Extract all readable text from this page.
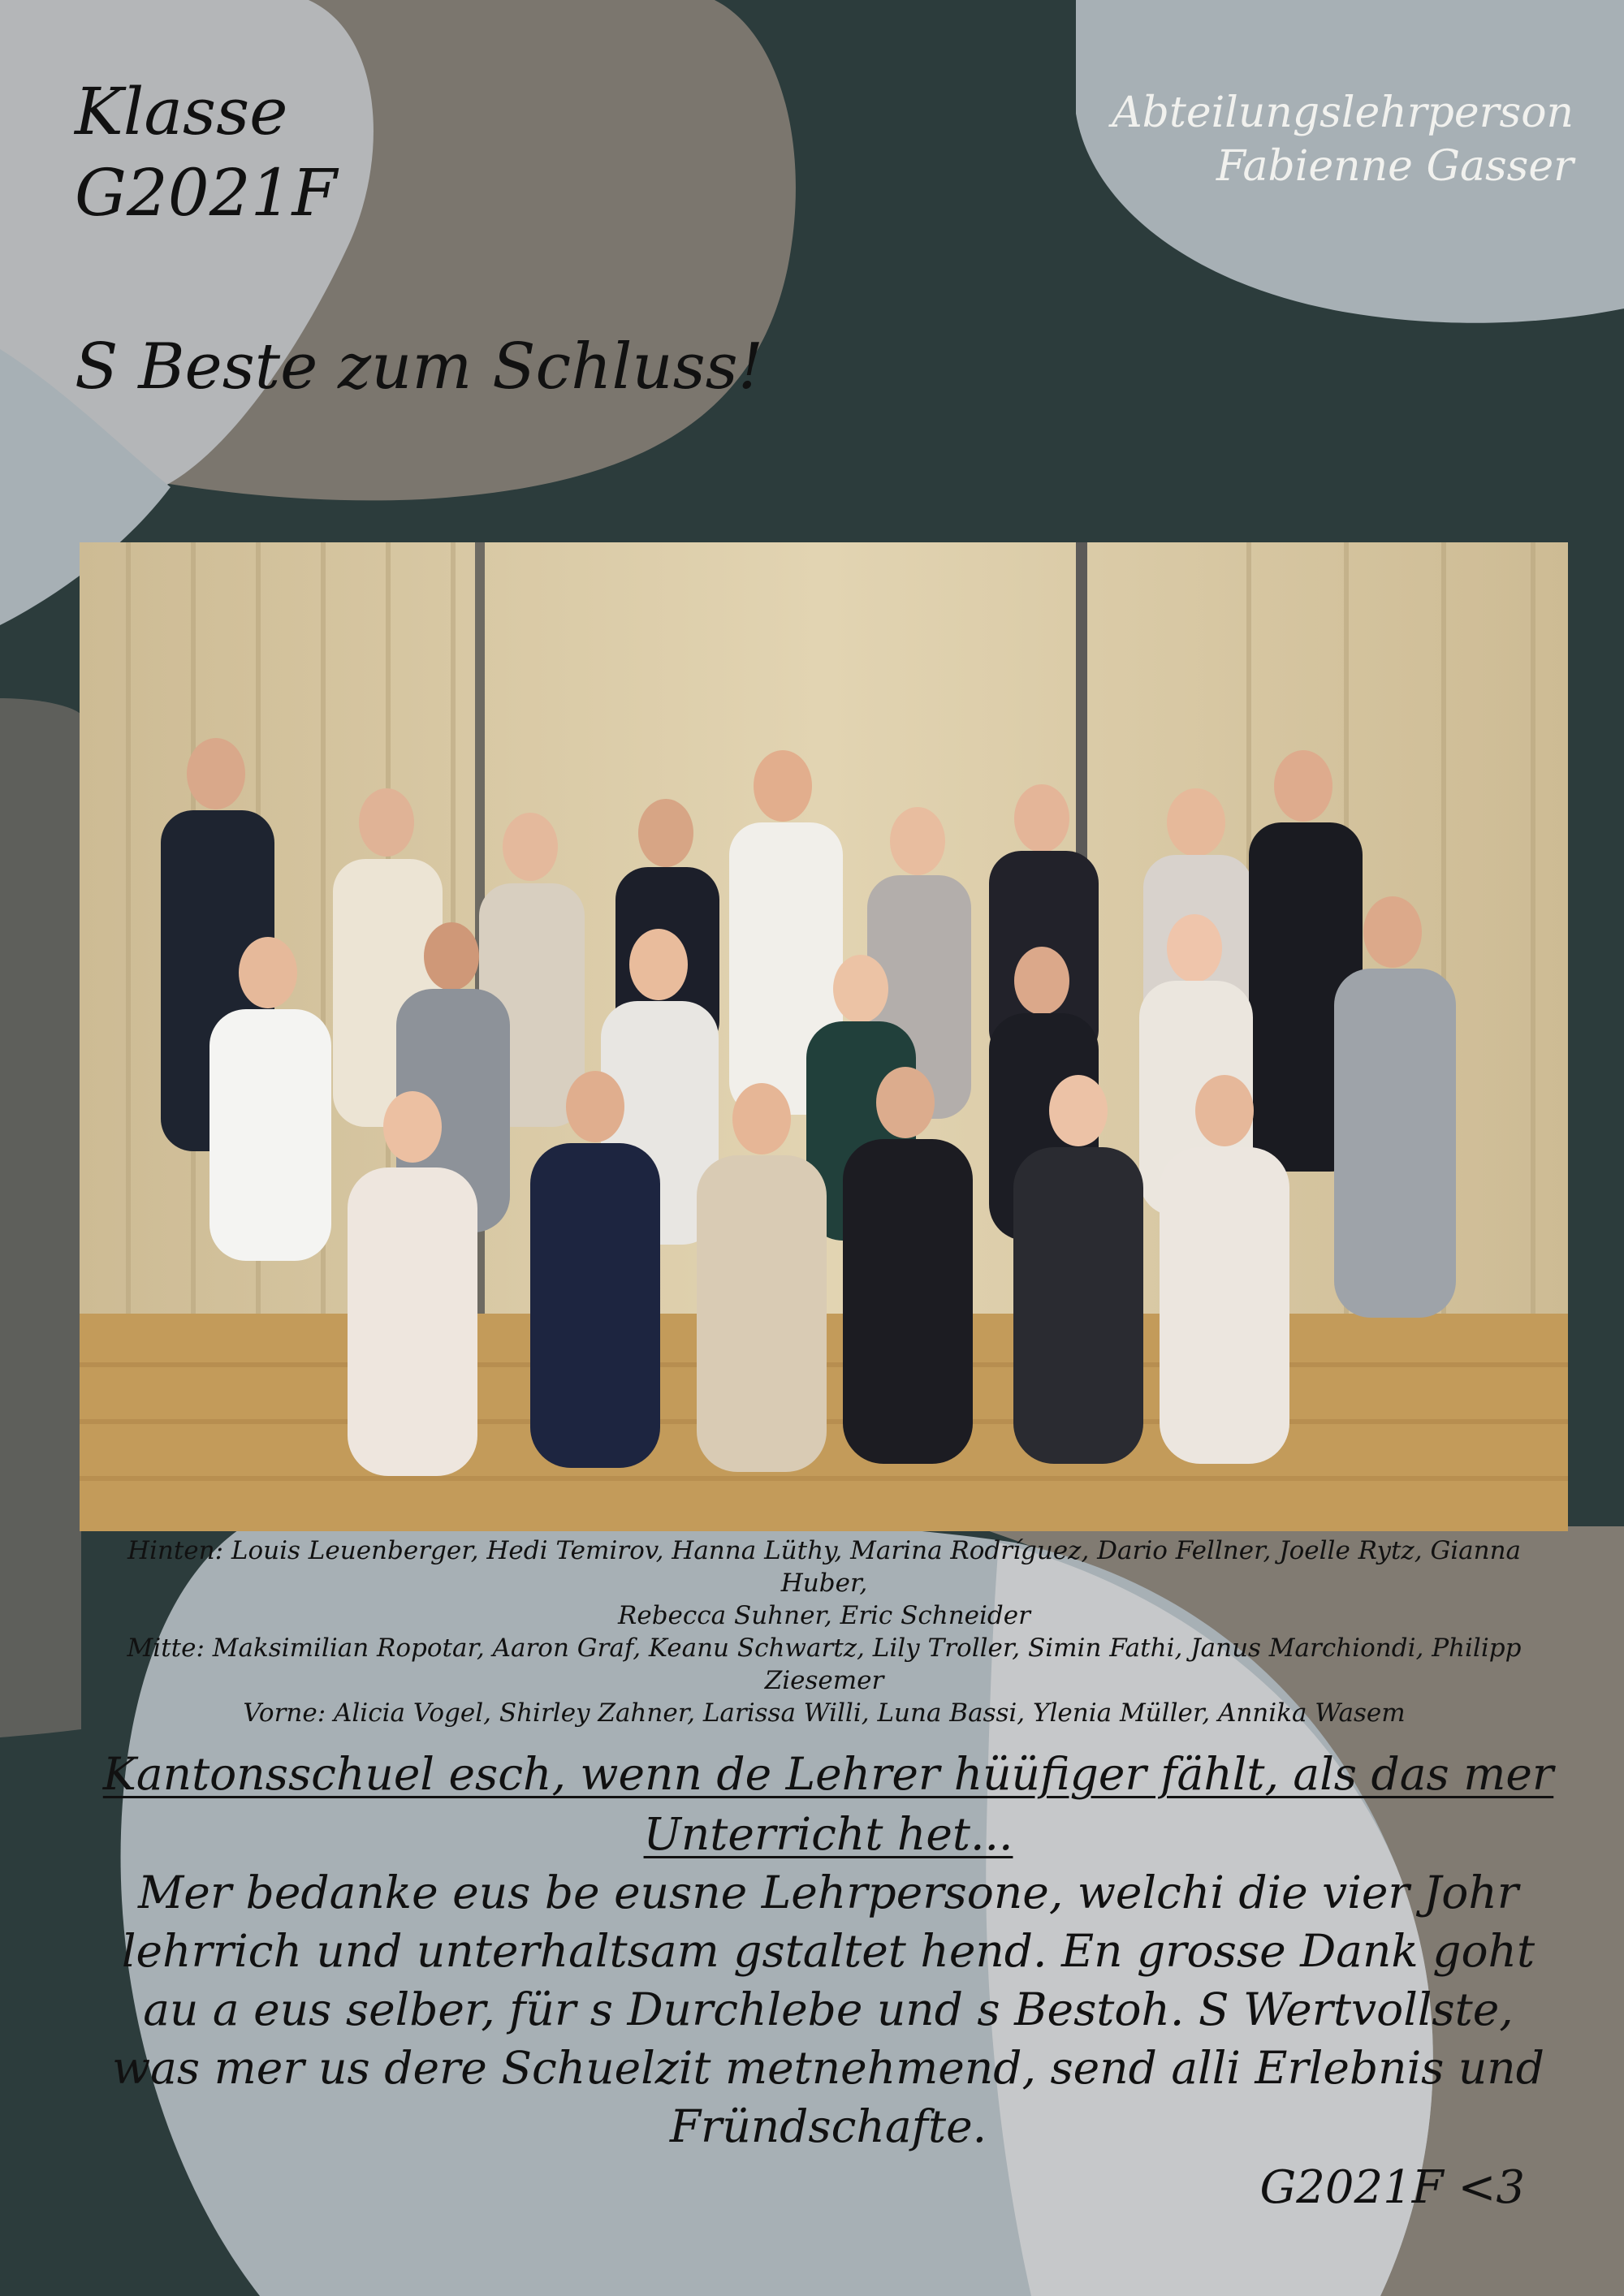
Klasse
G2021F
S Beste zum Schluss!
Abteilungslehrperson
Fabienne Gasser
Hinten: Louis Leuenberger, Hedi Temirov, Hanna Lüthy, Marina Rodríguez, Dario Fellner, Joelle Rytz, Gianna Huber,
Rebecca Suhner, Eric Schneider
Mitte: Maksimilian Ropotar, Aaron Graf, Keanu Schwartz, Lily Troller, Simin Fathi, Janus Marchiondi, Philipp Ziesemer
Vorne: Alicia Vogel, Shirley Zahner, Larissa Willi, Luna Bassi, Ylenia Müller, Annika Wasem
Kantonsschuel esch, wenn de Lehrer hüüfiger fählt, als das mer Unterricht het...
Mer bedanke eus be eusne Lehrpersone, welchi die vier Johr lehrrich und unterhaltsam gstaltet hend. En grosse Dank goht au a eus selber, für s Durchlebe und s Bestoh. S Wertvollste, was mer us dere Schuelzit metnehmend, send alli Erlebnis und Fründschafte.
G2021F <3
